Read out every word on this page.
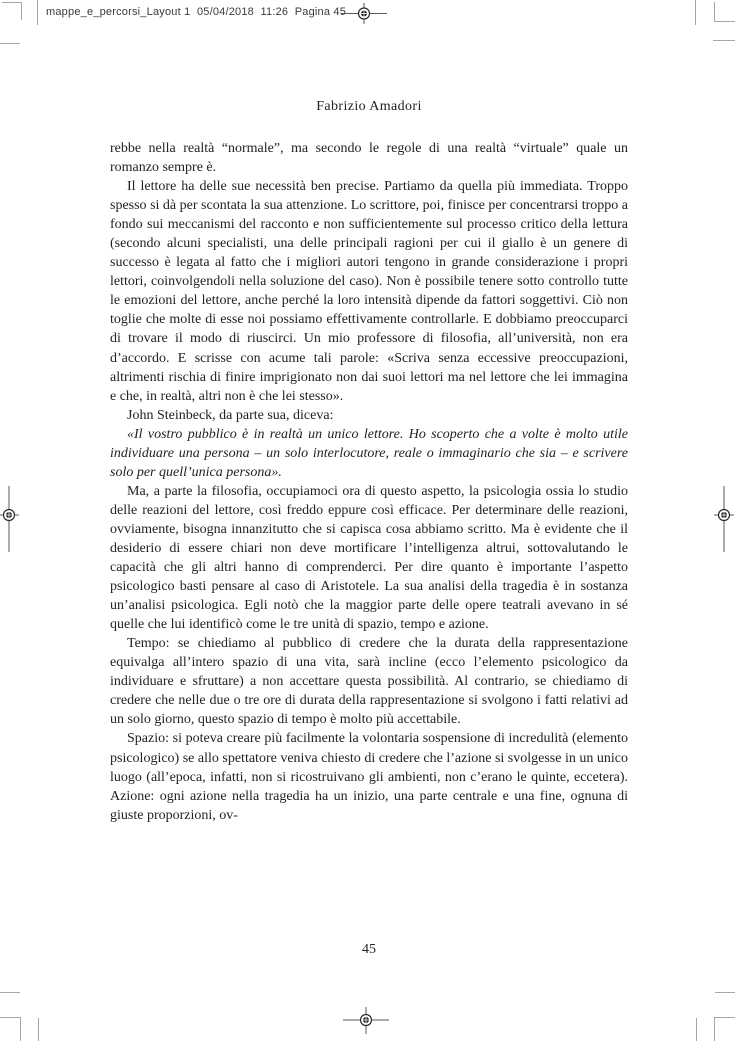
mappe_e_percorsi_Layout 1  05/04/2018  11:26  Pagina 45
Fabrizio Amadori

rebbe nella realtà “normale”, ma secondo le regole di una realtà “virtuale” quale un romanzo sempre è.

Il lettore ha delle sue necessità ben precise. Partiamo da quella più immediata. Troppo spesso si dà per scontata la sua attenzione. Lo scrittore, poi, finisce per concentrarsi troppo a fondo sui meccanismi del racconto e non sufficientemente sul processo critico della lettura (secondo alcuni specialisti, una delle principali ragioni per cui il giallo è un genere di successo è legata al fatto che i migliori autori tengono in grande considerazione i propri lettori, coinvolgendoli nella soluzione del caso). Non è possibile tenere sotto controllo tutte le emozioni del lettore, anche perché la loro intensità dipende da fattori soggettivi. Ciò non toglie che molte di esse noi possiamo effettivamente controllarle. E dobbiamo preoccuparci di trovare il modo di riuscirci. Un mio professore di filosofia, all’università, non era d’accordo. E scrisse con acume tali parole: «Scriva senza eccessive preoccupazioni, altrimenti rischia di finire imprigionato non dai suoi lettori ma nel lettore che lei immagina e che, in realtà, altri non è che lei stesso».

John Steinbeck, da parte sua, diceva:

«Il vostro pubblico è in realtà un unico lettore. Ho scoperto che a volte è molto utile individuare una persona – un solo interlocutore, reale o immaginario che sia – e scrivere solo per quell’unica persona».

Ma, a parte la filosofia, occupiamoci ora di questo aspetto, la psicologia ossia lo studio delle reazioni del lettore, così freddo eppure così efficace. Per determinare delle reazioni, ovviamente, bisogna innanzitutto che si capisca cosa abbiamo scritto. Ma è evidente che il desiderio di essere chiari non deve mortificare l’intelligenza altrui, sottovalutando le capacità che gli altri hanno di comprenderci. Per dire quanto è importante l’aspetto psicologico basti pensare al caso di Aristotele. La sua analisi della tragedia è in sostanza un’analisi psicologica. Egli notò che la maggior parte delle opere teatrali avevano in sé quelle che lui identificò come le tre unità di spazio, tempo e azione.

Tempo: se chiediamo al pubblico di credere che la durata della rappresentazione equivalga all’intero spazio di una vita, sarà incline (ecco l’elemento psicologico da individuare e sfruttare) a non accettare questa possibilità. Al contrario, se chiediamo di credere che nelle due o tre ore di durata della rappresentazione si svolgono i fatti relativi ad un solo giorno, questo spazio di tempo è molto più accettabile.

Spazio: si poteva creare più facilmente la volontaria sospensione di incredulità (elemento psicologico) se allo spettatore veniva chiesto di credere che l’azione si svolgesse in un unico luogo (all’epoca, infatti, non si ricostruivano gli ambienti, non c’erano le quinte, eccetera). Azione: ogni azione nella tragedia ha un inizio, una parte centrale e una fine, ognuna di giuste proporzioni, ov-

45
